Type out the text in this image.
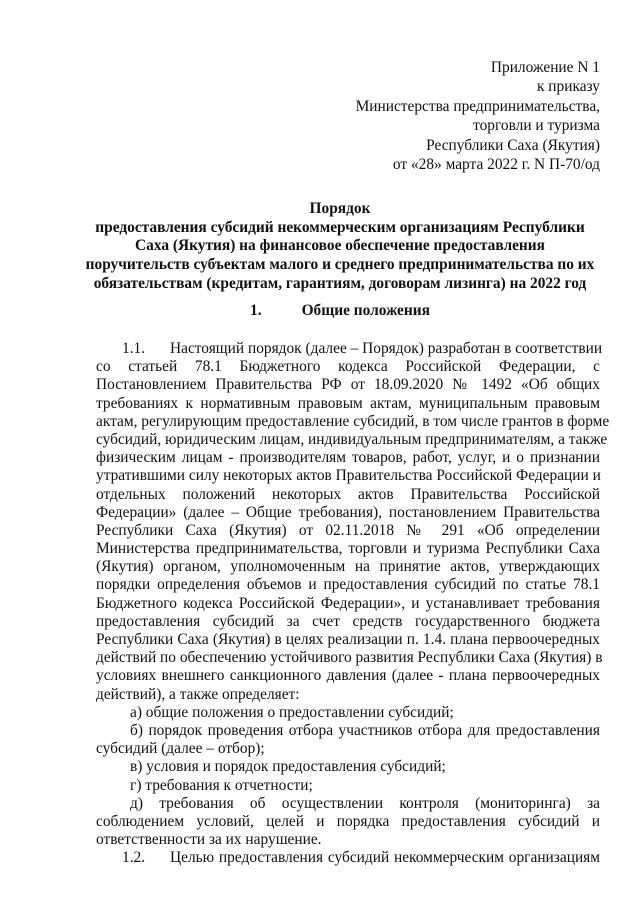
Приложение N 1
к приказу
Министерства предпринимательства,
торговли и туризма
Республики Саха (Якутия)
от «28» марта 2022 г. N П-70/од
Порядок
предоставления субсидий некоммерческим организациям Республики
Саха (Якутия) на финансовое обеспечение предоставления
поручительств субъектам малого и среднего предпринимательства по их
обязательствам (кредитам, гарантиям, договорам лизинга) на 2022 год
1.	Общие положения
1.1. Настоящий порядок (далее – Порядок) разработан в соответствии
со статьей 78.1 Бюджетного кодекса Российской Федерации, с
Постановлением Правительства РФ от 18.09.2020 № 1492 «Об общих
требованиях к нормативным правовым актам, муниципальным правовым
актам, регулирующим предоставление субсидий, в том числе грантов в форме
субсидий, юридическим лицам, индивидуальным предпринимателям, а также
физическим лицам - производителям товаров, работ, услуг, и о признании
утратившими силу некоторых актов Правительства Российской Федерации и
отдельных положений некоторых актов Правительства Российской
Федерации» (далее – Общие требования), постановлением Правительства
Республики Саха (Якутия) от 02.11.2018 № 291 «Об определении
Министерства предпринимательства, торговли и туризма Республики Саха
(Якутия) органом, уполномоченным на принятие актов, утверждающих
порядки определения объемов и предоставления субсидий по статье 78.1
Бюджетного кодекса Российской Федерации», и устанавливает требования
предоставления субсидий за счет средств государственного бюджета
Республики Саха (Якутия) в целях реализации п. 1.4. плана первоочередных
действий по обеспечению устойчивого развития Республики Саха (Якутия) в
условиях внешнего санкционного давления (далее - плана первоочередных
действий), а также определяет:
а) общие положения о предоставлении субсидий;
б) порядок проведения отбора участников отбора для предоставления
субсидий (далее – отбор);
в) условия и порядок предоставления субсидий;
г) требования к отчетности;
д) требования об осуществлении контроля (мониторинга) за
соблюдением условий, целей и порядка предоставления субсидий и
ответственности за их нарушение.
1.2. Целью предоставления субсидий некоммерческим организациям
